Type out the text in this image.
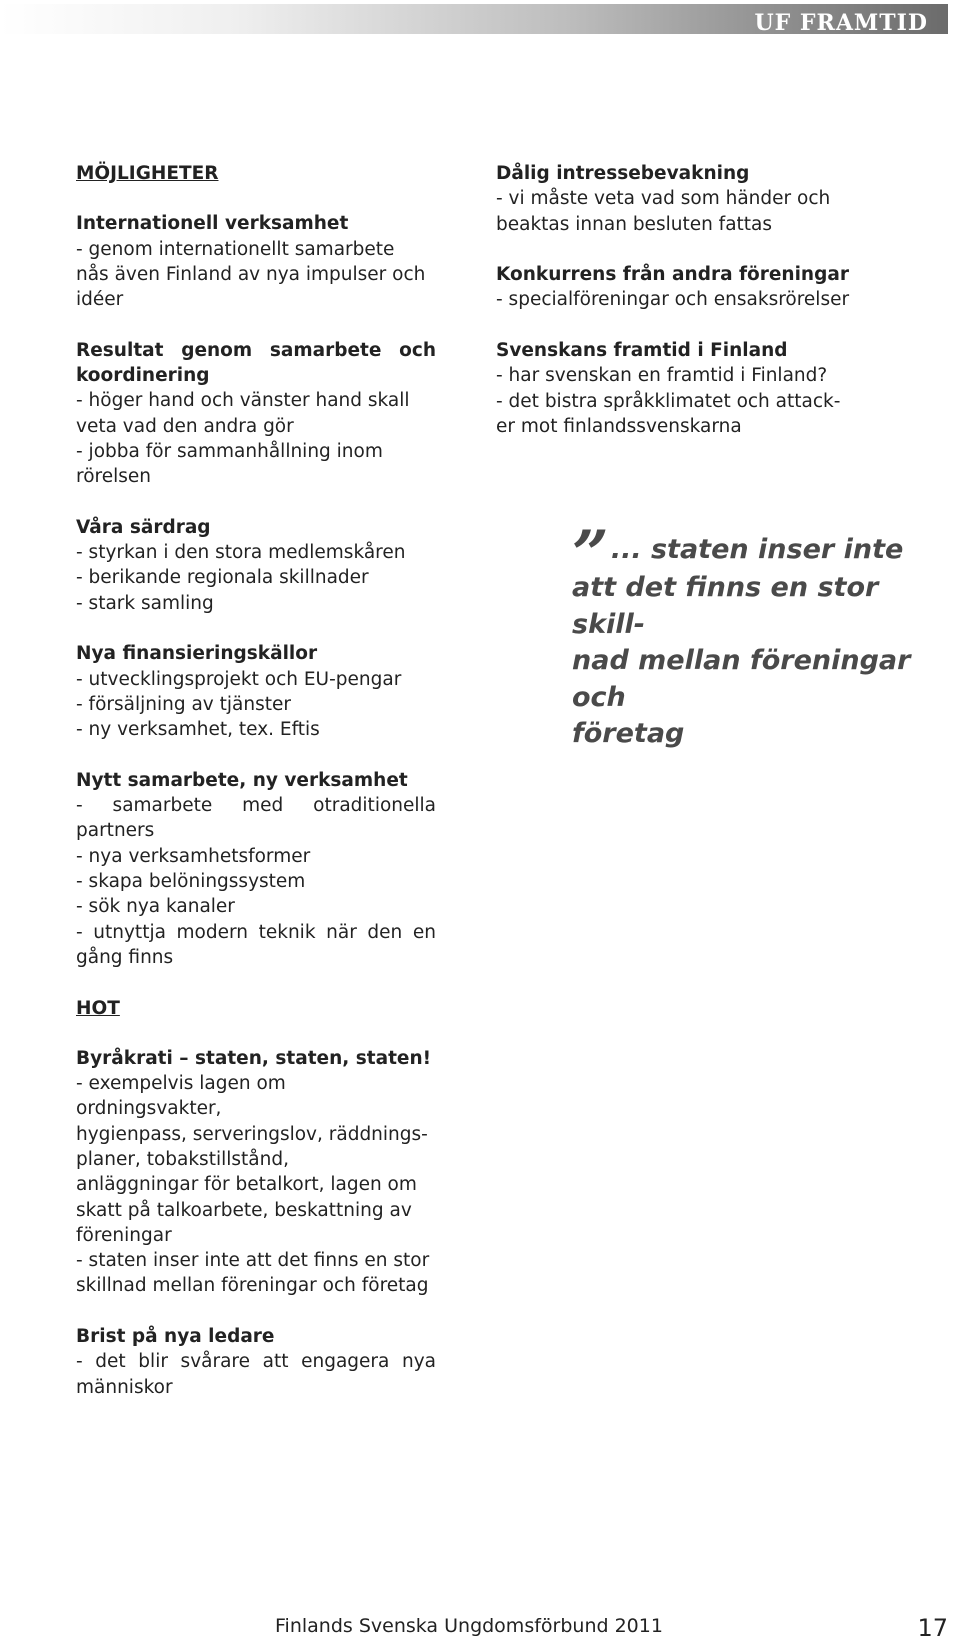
UF FRAMTID

MÖJLIGHETER

Internationell verksamhet

- genom internationellt samarbete

nås även Finland av nya impulser och

idéer

Resultat genom samarbete och

koordinering

- höger hand och vänster hand skall

veta vad den andra gör

- jobba för sammanhållning inom

rörelsen

Våra särdrag

- styrkan i den stora medlemskåren

- berikande regionala skillnader

- stark samling

Nya finansieringskällor

- utvecklingsprojekt och EU-pengar

- försäljning av tjänster

- ny verksamhet, tex. Eftis

Nytt samarbete, ny verksamhet

- samarbete med otraditionella

partners

- nya verksamhetsformer

- skapa belöningssystem

- sök nya kanaler

- utnyttja modern teknik när den en

gång finns

HOT

Byråkrati – staten, staten, staten!

- exempelvis lagen om ordningsvakter,

hygienpass, serveringslov, räddnings-

planer, tobakstillstånd,

anläggningar för betalkort, lagen om

skatt på talkoarbete, beskattning av

föreningar

- staten inser inte att det finns en stor

skillnad mellan föreningar och företag

Brist på nya ledare

- det blir svårare att engagera nya

människor

Dålig intressebevakning

- vi måste veta vad som händer och

beaktas innan besluten fattas

Konkurrens från andra föreningar

- specialföreningar och ensaksrörelser

Svenskans framtid i Finland

- har svenskan en framtid i Finland?

- det bistra språkklimatet och attack-

er mot finlandssvenskarna

” ... staten inser inte
att det finns en stor skill-
nad mellan föreningar och
företag

Finlands Svenska Ungdomsförbund 2011	17
